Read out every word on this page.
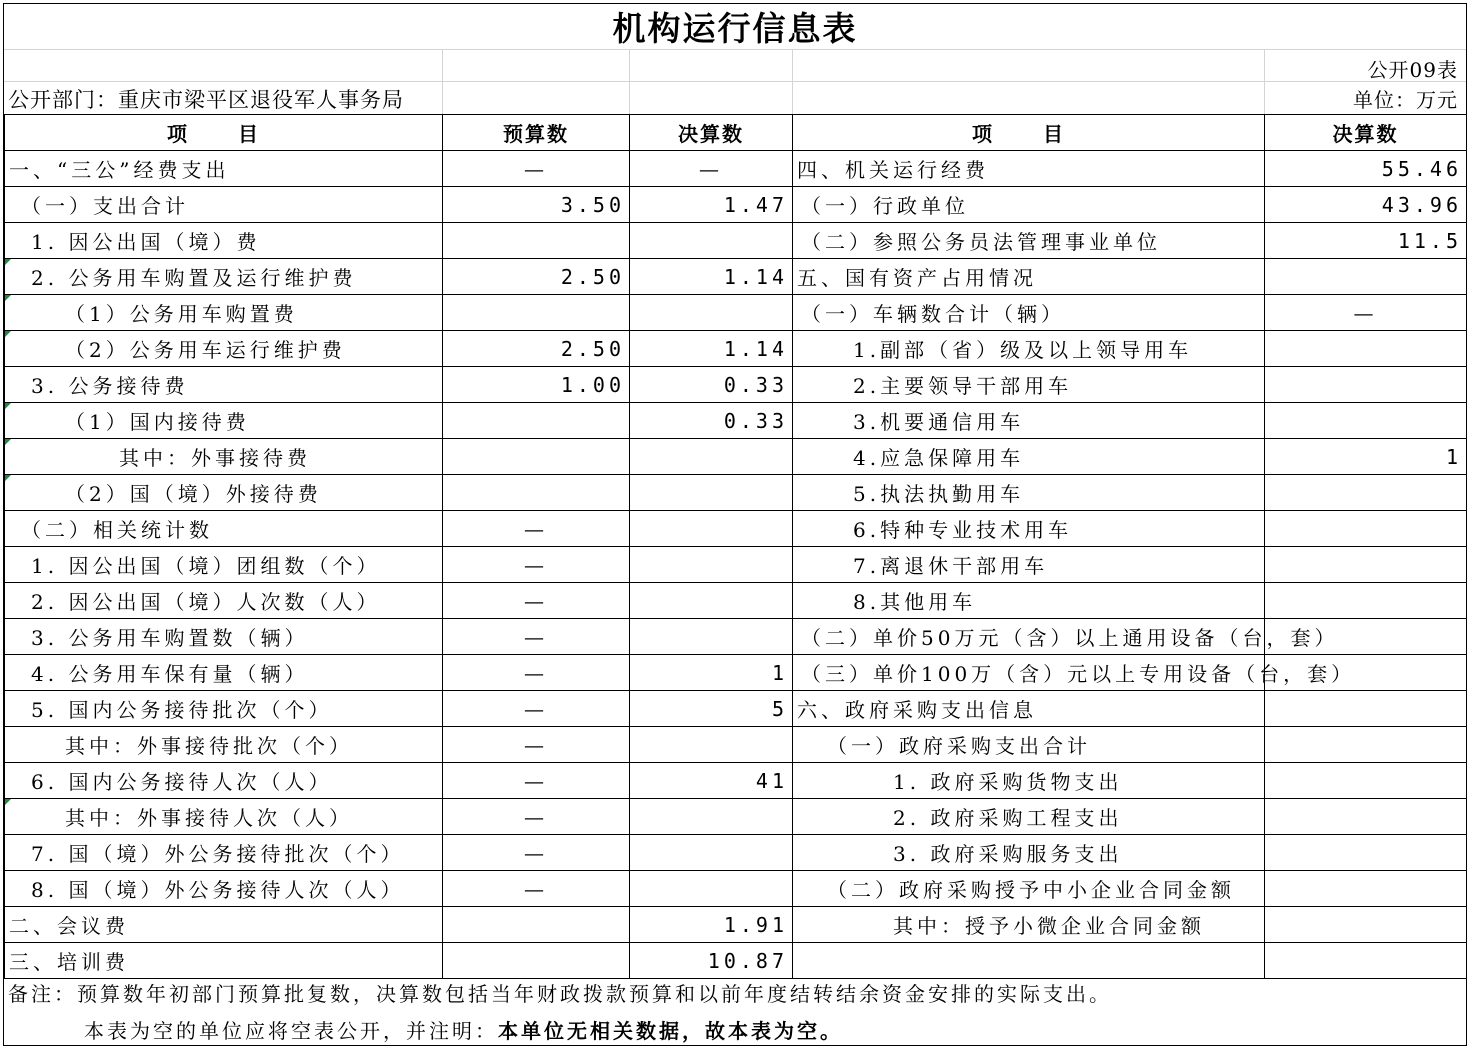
机构运行信息表
公开09表
公开部门：重庆市梁平区退役军人事务局	单位：万元
项 目	预算数	决算数	项 目	决算数
一、“三公”经费支出	—	—	四、机关运行经费	55.46
（一）支出合计	3.50	1.47	（一）行政单位	43.96
1. 因公出国（境）费			（二）参照公务员法管理事业单位	11.5
2. 公务用车购置及运行维护费	2.50	1.14	五、国有资产占用情况	
（1）公务用车购置费			（一）车辆数合计（辆）	—
（2）公务用车运行维护费	2.50	1.14	1.副部（省）级及以上领导用车	
3. 公务接待费	1.00	0.33	2.主要领导干部用车	
（1）国内接待费		0.33	3.机要通信用车	
其中：外事接待费			4.应急保障用车	1
（2）国（境）外接待费			5.执法执勤用车	
（二）相关统计数	—		6.特种专业技术用车	
1. 因公出国（境）团组数（个）	—		7.离退休干部用车	
2. 因公出国（境）人次数（人）	—		8.其他用车	
3. 公务用车购置数（辆）	—		（二）单价50万元（含）以上通用设备（台，套）	
4. 公务用车保有量（辆）	—	1	（三）单价100万（含）元以上专用设备（台，套）	
5. 国内公务接待批次（个）	—	5	六、政府采购支出信息	
其中：外事接待批次（个）	—		（一）政府采购支出合计	
6. 国内公务接待人次（人）	—	41	1. 政府采购货物支出	
其中：外事接待人次（人）	—		2. 政府采购工程支出	
7. 国（境）外公务接待批次（个）	—		3. 政府采购服务支出	
8. 国（境）外公务接待人次（人）	—		（二）政府采购授予中小企业合同金额	
二、会议费		1.91	其中：授予小微企业合同金额	
三、培训费		10.87		
备注：预算数年初部门预算批复数，决算数包括当年财政拨款预算和以前年度结转结余资金安排的实际支出。
本表为空的单位应将空表公开，并注明：本单位无相关数据，故本表为空。
